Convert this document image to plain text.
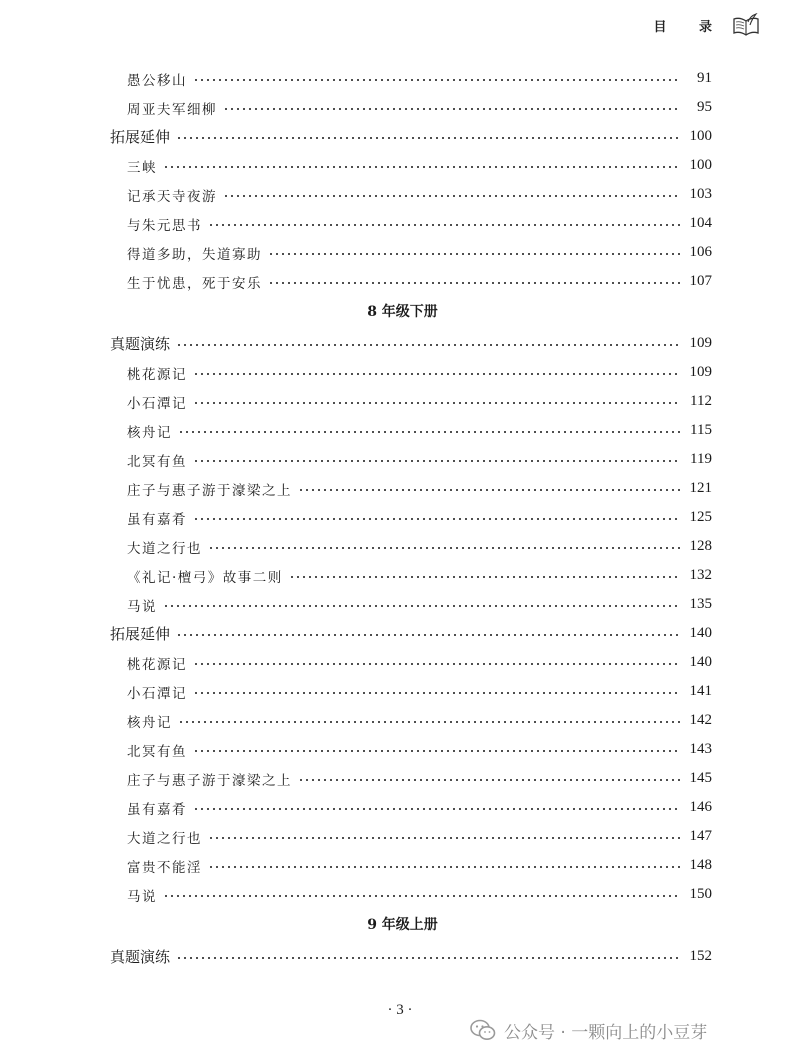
目 录
愚公移山	91
周亚夫军细柳	95
拓展延伸	100
三峡	100
记承天寺夜游	103
与朱元思书	104
得道多助，失道寡助	106
生于忧患，死于安乐	107
8 年级下册
真题演练	109
桃花源记	109
小石潭记	112
核舟记	115
北冥有鱼	119
庄子与惠子游于濠梁之上	121
虽有嘉肴	125
大道之行也	128
《礼记·檀弓》故事二则	132
马说	135
拓展延伸	140
桃花源记	140
小石潭记	141
核舟记	142
北冥有鱼	143
庄子与惠子游于濠梁之上	145
虽有嘉肴	146
大道之行也	147
富贵不能淫	148
马说	150
9 年级上册
真题演练	152
· 3 ·
公众号 · 一颗向上的小豆芽
